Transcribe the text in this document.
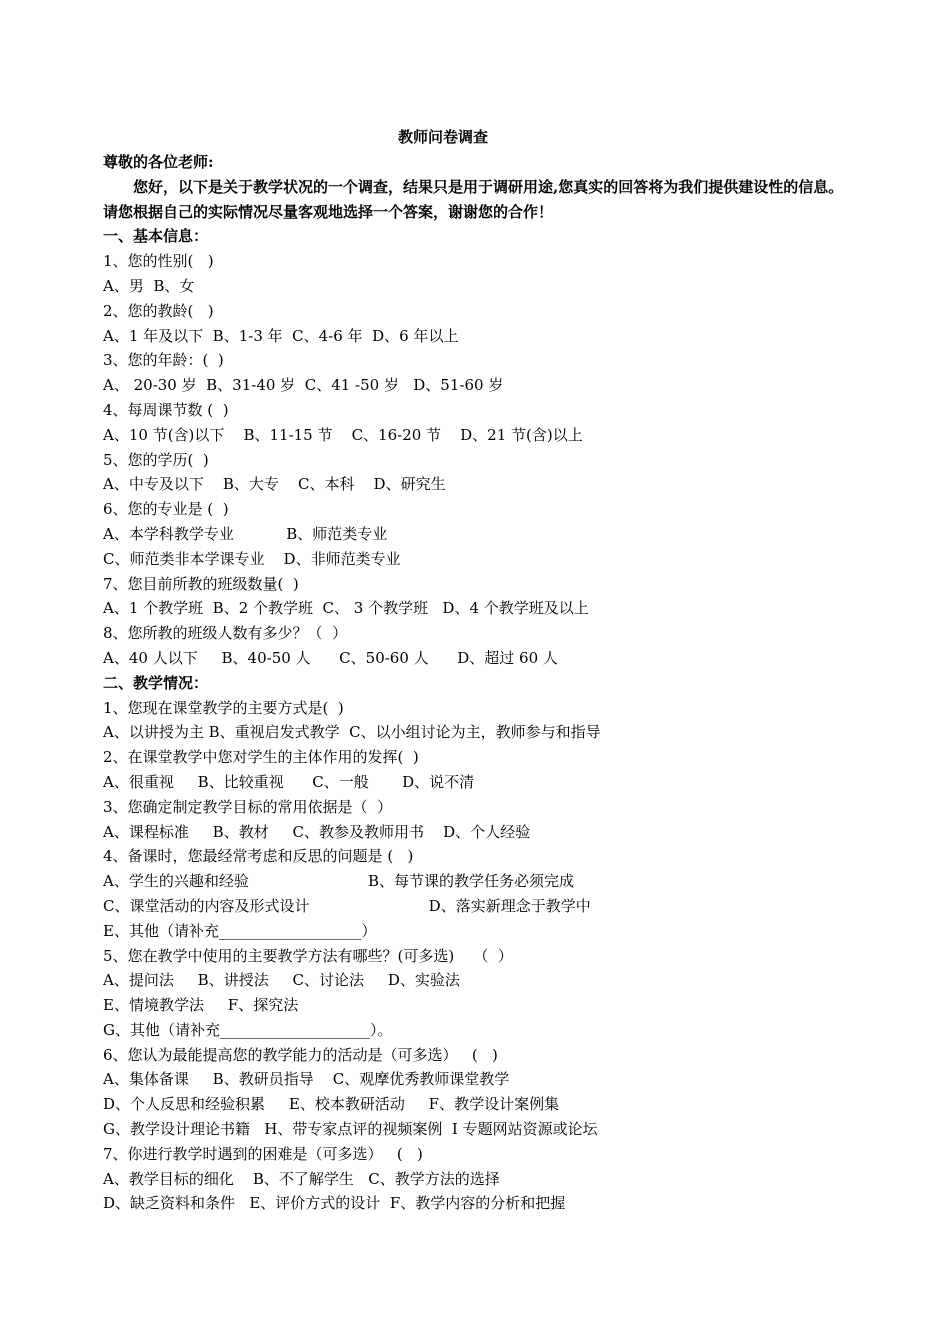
教师问卷调查
尊敬的各位老师:
您好，以下是关于教学状况的一个调查，结果只是用于调研用途,您真实的回答将为我们提供建设性的信息。请您根据自己的实际情况尽量客观地选择一个答案，谢谢您的合作！
一、基本信息：
1、您的性别(   )
A、男  B、女
2、您的教龄(   )
A、1 年及以下  B、1-3 年  C、4-6 年  D、6 年以上
3、您的年龄：(  )
A、 20-30 岁  B、31-40 岁  C、41 -50 岁   D、51-60 岁
4、每周课节数 (  )
A、10 节(含)以下    B、11-15 节    C、16-20 节    D、21 节(含)以上
5、您的学历(  )
A、中专及以下    B、大专    C、本科    D、研究生
6、您的专业是 (  )
A、本学科教学专业           B、师范类专业
C、师范类非本学课专业    D、非师范类专业
7、您目前所教的班级数量(  )
A、1 个教学班  B、2 个教学班  C、 3 个教学班   D、4 个教学班及以上
8、您所教的班级人数有多少？（  ）
A、40 人以下     B、40-50 人      C、50-60 人      D、超过 60 人
二、教学情况：
1、您现在课堂教学的主要方式是(  )
A、以讲授为主 B、重视启发式教学  C、以小组讨论为主，教师参与和指导
2、在课堂教学中您对学生的主体作用的发挥(  )
A、很重视     B、比较重视      C、一般       D、说不清
3、您确定制定教学目标的常用依据是（  ）
A、课程标准     B、教材     C、教参及教师用书    D、个人经验
4、备课时，您最经常考虑和反思的问题是 (   )
A、学生的兴趣和经验                         B、每节课的教学任务必须完成
C、课堂活动的内容及形式设计                         D、落实新理念于教学中
E、其他（请补充___________________）
5、您在教学中使用的主要教学方法有哪些？(可多选)    （  ）
A、提问法     B、讲授法     C、讨论法     D、实验法
E、情境教学法     F、探究法
G、其他（请补充____________________）。
6、您认为最能提高您的教学能力的活动是（可多选）   (   )
A、集体备课     B、教研员指导    C、观摩优秀教师课堂教学
D、个人反思和经验积累     E、校本教研活动     F、教学设计案例集
G、教学设计理论书籍   H、带专家点评的视频案例  I 专题网站资源或论坛
7、你进行教学时遇到的困难是（可多选）   (   )
A、教学目标的细化    B、不了解学生   C、教学方法的选择
D、缺乏资料和条件   E、评价方式的设计  F、教学内容的分析和把握
